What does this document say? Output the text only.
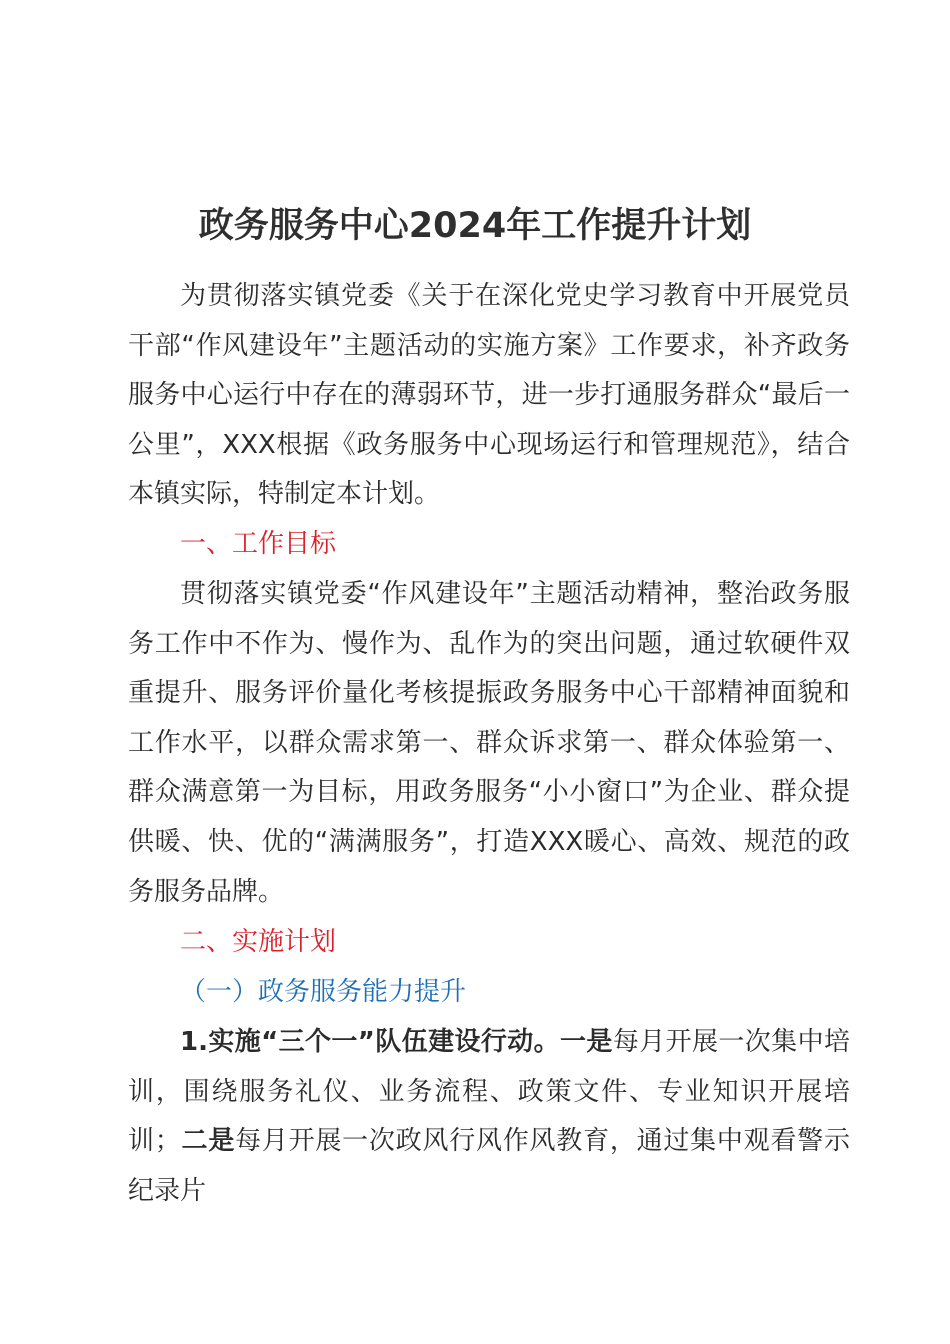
政务服务中心2024年工作提升计划

为贯彻落实镇党委《关于在深化党史学习教育中开展党员干部“作风建设年”主题活动的实施方案》工作要求，补齐政务服务中心运行中存在的薄弱环节，进一步打通服务群众“最后一公里”，XXX根据《政务服务中心现场运行和管理规范》，结合本镇实际，特制定本计划。

一、工作目标

贯彻落实镇党委“作风建设年”主题活动精神，整治政务服务工作中不作为、慢作为、乱作为的突出问题，通过软硬件双重提升、服务评价量化考核提振政务服务中心干部精神面貌和工作水平，以群众需求第一、群众诉求第一、群众体验第一、群众满意第一为目标，用政务服务“小小窗口”为企业、群众提供暖、快、优的“满满服务”，打造XXX暖心、高效、规范的政务服务品牌。

二、实施计划

（一）政务服务能力提升

1.实施“三个一”队伍建设行动。一是每月开展一次集中培训，围绕服务礼仪、业务流程、政策文件、专业知识开展培训；二是每月开展一次政风行风作风教育，通过集中观看警示纪录片
